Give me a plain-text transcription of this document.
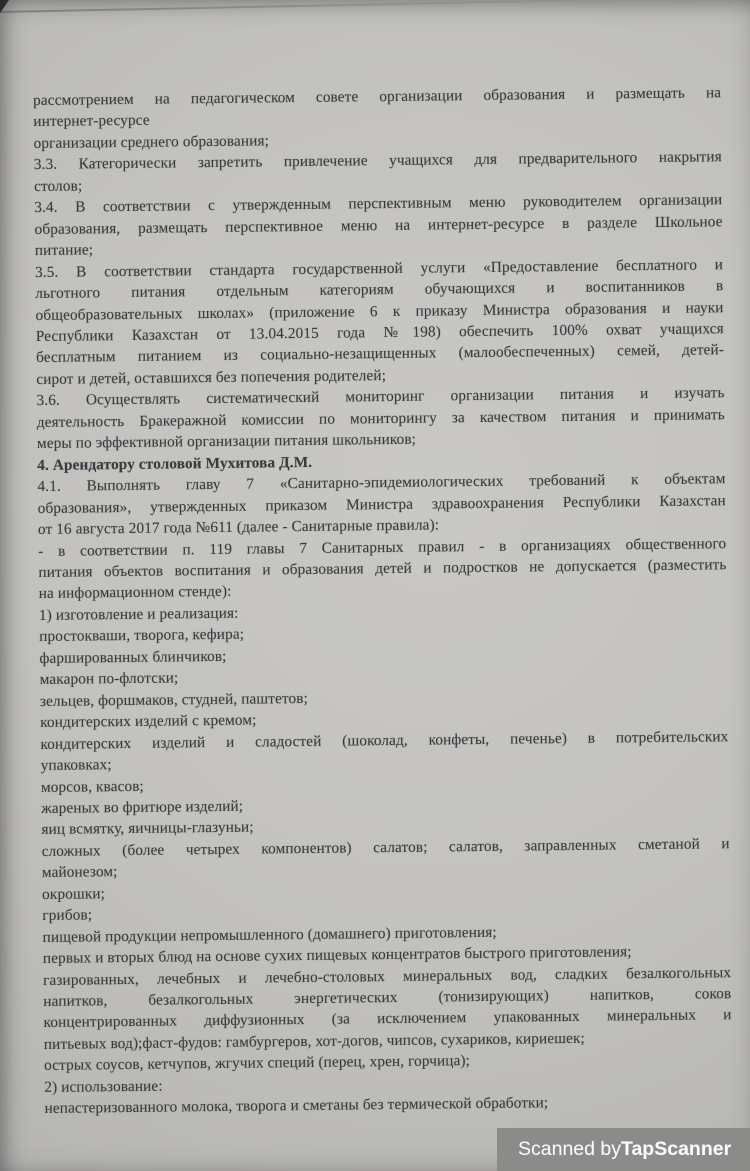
рассмотрением на педагогическом совете организации образования и размещать на
интернет-ресурсе
организации среднего образования;
3.3. Категорически запретить привлечение учащихся для предварительного накрытия
столов;
3.4. В соответствии с утвержденным перспективным меню руководителем организации
образования, размещать перспективное меню на интернет-ресурсе в разделе Школьное
питание;
3.5. В соответствии стандарта государственной услуги «Предоставление бесплатного и
льготного питания отдельным категориям обучающихся и воспитанников в
общеобразовательных школах» (приложение 6 к приказу Министра образования и науки
Республики Казахстан от 13.04.2015 года №198) обеспечить 100% охват учащихся
бесплатным питанием из социально-незащищенных (малообеспеченных) семей, детей-
сирот и детей, оставшихся без попечения родителей;
3.6. Осуществлять систематический мониторинг организации питания и изучать
деятельность Бракеражной комиссии по мониторингу за качеством питания и принимать
меры по эффективной организации питания школьников;
4. Арендатору столовой Мухитова Д.М.
4.1. Выполнять главу 7 «Санитарно-эпидемиологических требований к объектам
образования», утвержденных приказом Министра здравоохранения Республики Казахстан
от 16 августа 2017 года №611 (далее - Санитарные правила):
- в соответствии п. 119 главы 7 Санитарных правил - в организациях общественного
питания объектов воспитания и образования детей и подростков не допускается (разместить
на информационном стенде):
1) изготовление и реализация:
простокваши, творога, кефира;
фаршированных блинчиков;
макарон по-флотски;
зельцев, форшмаков, студней, паштетов;
кондитерских изделий с кремом;
кондитерских изделий и сладостей (шоколад, конфеты, печенье) в потребительских
упаковках;
морсов, квасов;
жареных во фритюре изделий;
яиц всмятку, яичницы-глазуньи;
сложных (более четырех компонентов) салатов; салатов, заправленных сметаной и
майонезом;
окрошки;
грибов;
пищевой продукции непромышленного (домашнего) приготовления;
первых и вторых блюд на основе сухих пищевых концентратов быстрого приготовления;
газированных, лечебных и лечебно-столовых минеральных вод, сладких безалкогольных
напитков, безалкогольных энергетических (тонизирующих) напитков, соков
концентрированных диффузионных (за исключением упакованных минеральных и
питьевых вод);фаст-фудов: гамбургеров, хот-догов, чипсов, сухариков, кириешек;
острых соусов, кетчупов, жгучих специй (перец, хрен, горчица);
2) использование:
непастеризованного молока, творога и сметаны без термической обработки;
Scanned by TapScanner
